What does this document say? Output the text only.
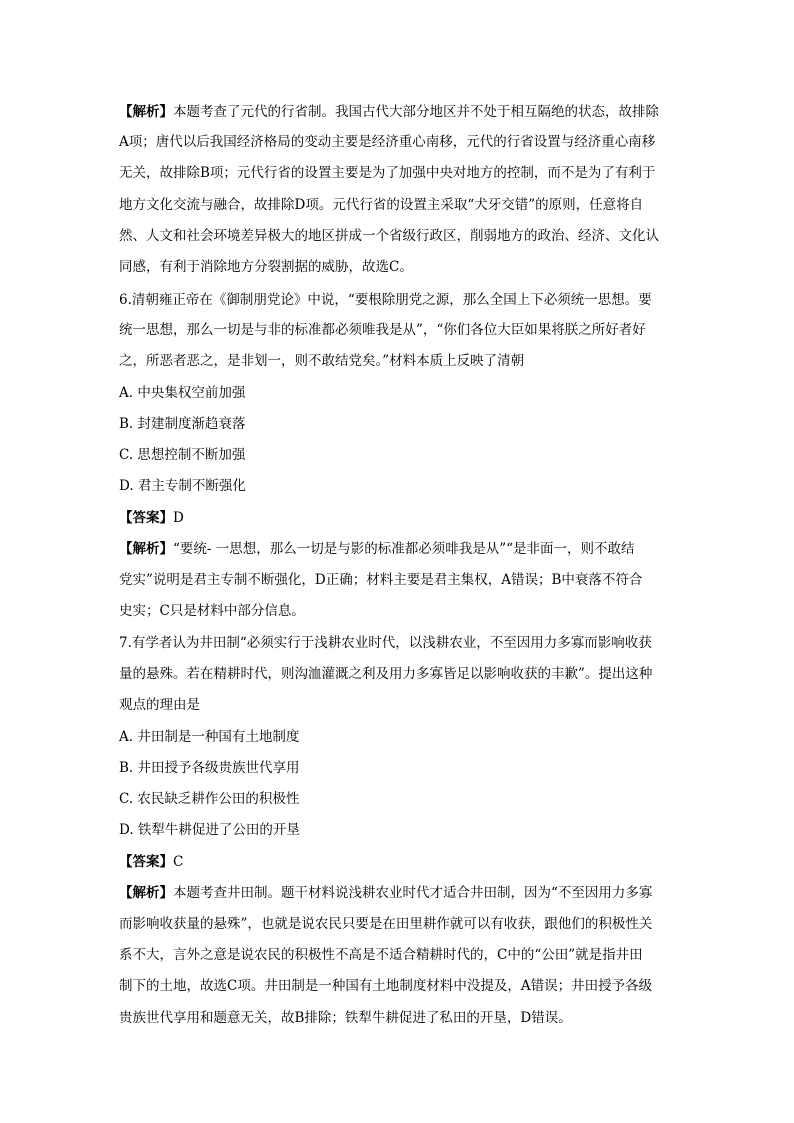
【解析】本题考查了元代的行省制。我国古代大部分地区并不处于相互隔绝的状态，故排除
A项；唐代以后我国经济格局的变动主要是经济重心南移，元代的行省设置与经济重心南移
无关，故排除B项；元代行省的设置主要是为了加强中央对地方的控制，而不是为了有利于
地方文化交流与融合，故排除D项。元代行省的设置主采取“犬牙交错”的原则，任意将自
然、人文和社会环境差异极大的地区拼成一个省级行政区，削弱地方的政治、经济、文化认
同感，有利于消除地方分裂割据的威胁，故选C。
6.清朝雍正帝在《御制朋党论》中说，“要根除朋党之源，那么全国上下必须统一思想。要
统一思想，那么一切是与非的标准都必须唯我是从”，“你们各位大臣如果将朕之所好者好
之，所恶者恶之，是非划一，则不敢结党矣。”材料本质上反映了清朝
A. 中央集权空前加强
B. 封建制度渐趋衰落
C. 思想控制不断加强
D. 君主专制不断强化
【答案】D
【解析】“要统- 一思想，那么一切是与影的标准都必须啡我是从”“是非面一，则不敢结
党实”说明是君主专制不断强化，D正确；材料主要是君主集权，A错误；B中衰落不符合
史实；C只是材料中部分信息。
7.有学者认为井田制“必须实行于浅耕农业时代，以浅耕农业，不至因用力多寡而影响收获
量的悬殊。若在精耕时代，则沟洫灌溉之利及用力多寡皆足以影响收获的丰歉”。提出这种
观点的理由是
A. 井田制是一种国有土地制度
B. 井田授予各级贵族世代享用
C. 农民缺乏耕作公田的积极性
D. 铁犁牛耕促进了公田的开垦
【答案】C
【解析】本题考查井田制。题干材料说浅耕农业时代才适合井田制，因为“不至因用力多寡
而影响收获量的悬殊”，也就是说农民只要是在田里耕作就可以有收获，跟他们的积极性关
系不大，言外之意是说农民的积极性不高是不适合精耕时代的，C中的“公田”就是指井田
制下的土地，故选C项。井田制是一种国有土地制度材料中没提及，A错误；井田授予各级
贵族世代享用和题意无关，故B排除；铁犁牛耕促进了私田的开垦，D错误。
